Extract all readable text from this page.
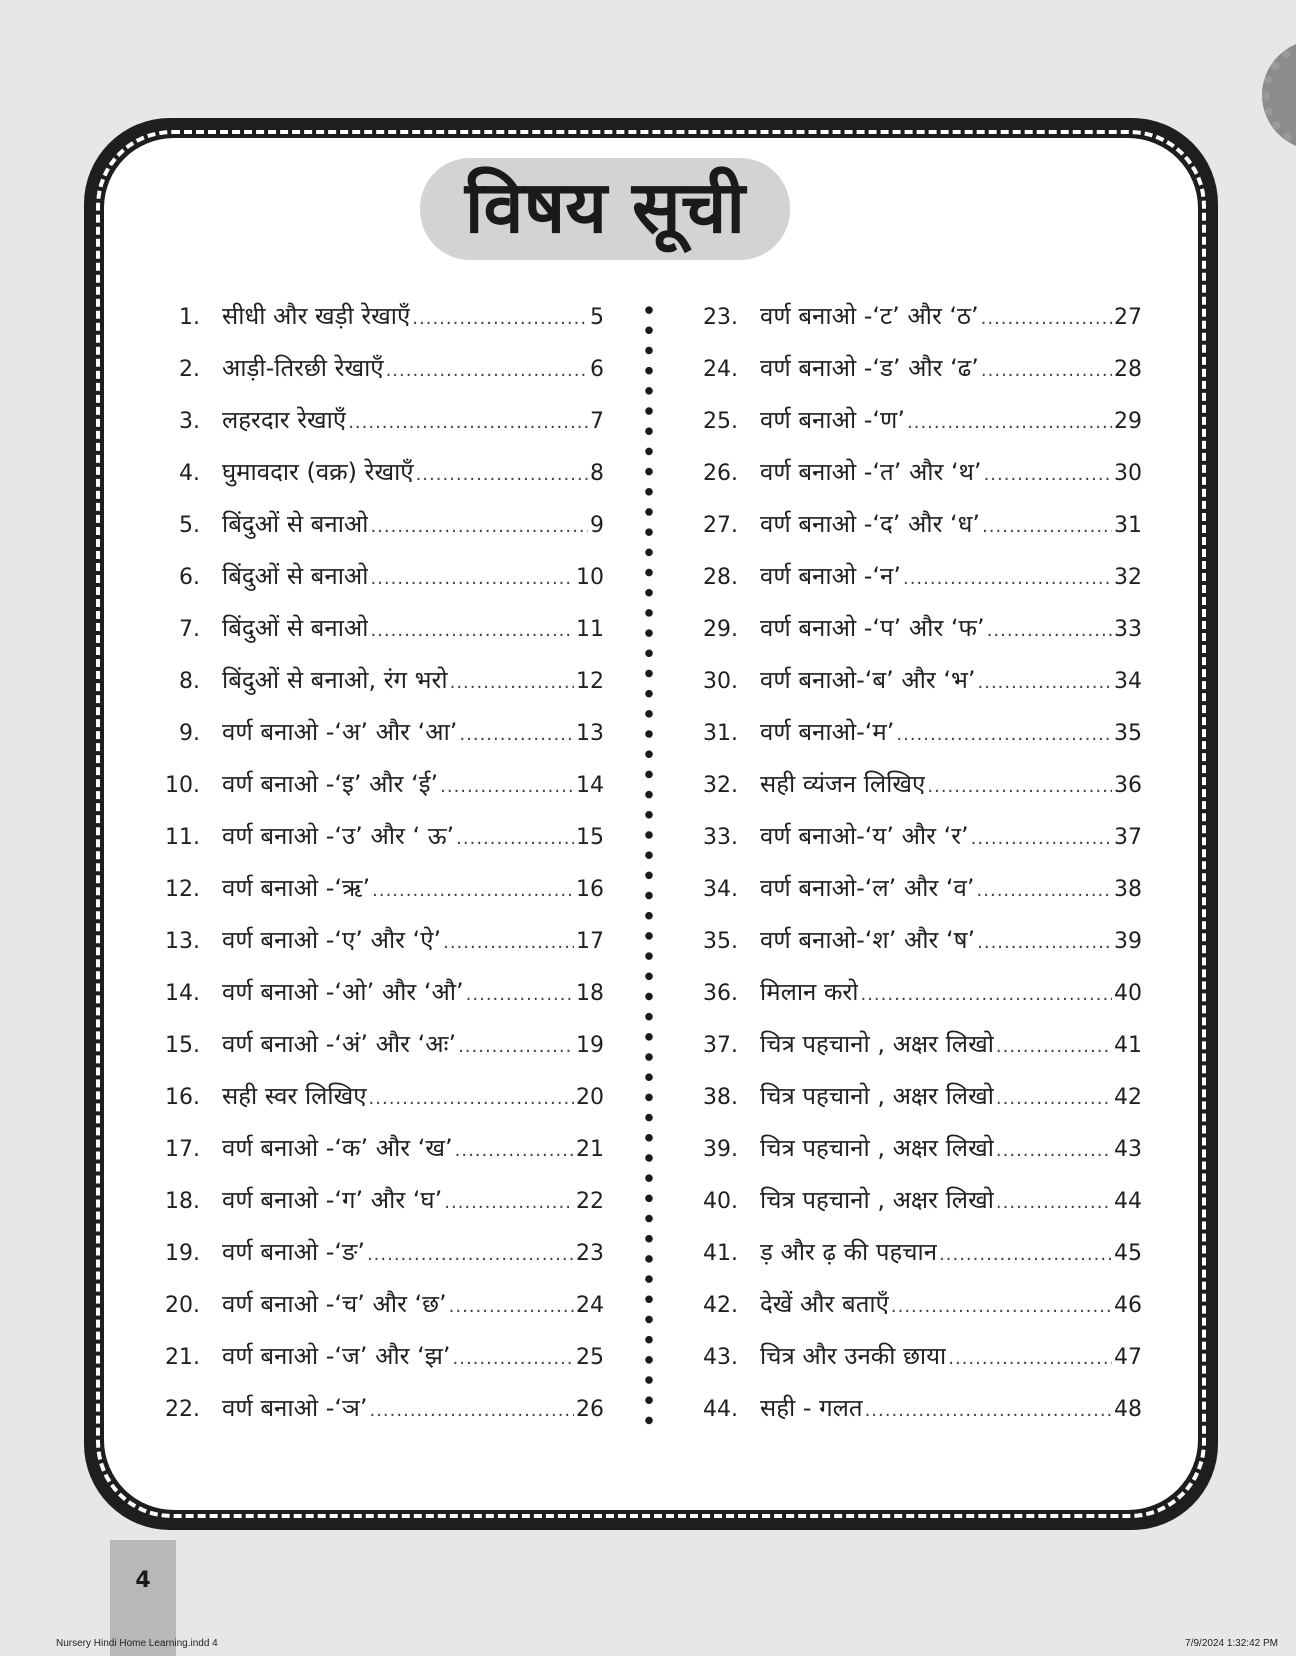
विषय सूची
1. सीधी और खड़ी रेखाएँ .....	5
2. आड़ी-तिरछी रेखाएँ .....	6
3. लहरदार रेखाएँ .....	7
4. घुमावदार (वक्र) रेखाएँ .....	8
5. बिंदुओं से बनाओ .....	9
6. बिंदुओं से बनाओ .....	10
7. बिंदुओं से बनाओ .....	11
8. बिंदुओं से बनाओ, रंग भरो .....	12
9. वर्ण बनाओ -‘अ’ और ‘आ’ .....	13
10. वर्ण बनाओ -‘इ’ और ‘ई’ .....	14
11. वर्ण बनाओ -‘उ’ और ‘ ऊ’ .....	15
12. वर्ण बनाओ -‘ऋ’ .....	16
13. वर्ण बनाओ -‘ए’ और ‘ऐ’ .....	17
14. वर्ण बनाओ -‘ओ’ और ‘औ’ .....	18
15. वर्ण बनाओ -‘अं’ और ‘अः’ .....	19
16. सही स्वर लिखिए .....	20
17. वर्ण बनाओ -‘क’ और ‘ख’ .....	21
18. वर्ण बनाओ -‘ग’ और ‘घ’ .....	22
19. वर्ण बनाओ -‘ङ’ .....	23
20. वर्ण बनाओ -‘च’ और ‘छ’ .....	24
21. वर्ण बनाओ -‘ज’ और ‘झ’ .....	25
22. वर्ण बनाओ -‘ञ’ .....	26
23. वर्ण बनाओ -‘ट’ और ‘ठ’ .....	27
24. वर्ण बनाओ -‘ड’ और ‘ढ’ .....	28
25. वर्ण बनाओ -‘ण’ .....	29
26. वर्ण बनाओ -‘त’ और ‘थ’ .....	30
27. वर्ण बनाओ -‘द’ और ‘ध’ .....	31
28. वर्ण बनाओ -‘न’ .....	32
29. वर्ण बनाओ -‘प’ और ‘फ’ .....	33
30. वर्ण बनाओ-‘ब’ और ‘भ’ .....	34
31. वर्ण बनाओ-‘म’ .....	35
32. सही व्यंजन लिखिए .....	36
33. वर्ण बनाओ-‘य’ और ‘र’ .....	37
34. वर्ण बनाओ-‘ल’ और ‘व’ .....	38
35. वर्ण बनाओ-‘श’ और ‘ष’ .....	39
36. मिलान करो .....	40
37. चित्र पहचानो , अक्षर लिखो .....	41
38. चित्र पहचानो , अक्षर लिखो .....	42
39. चित्र पहचानो , अक्षर लिखो .....	43
40. चित्र पहचानो , अक्षर लिखो .....	44
41. ड़ और ढ़ की पहचान .....	45
42. देखें और बताएँ .....	46
43. चित्र और उनकी छाया .....	47
44. सही - गलत .....	48
4
Nursery Hindi Home Learning.indd 4	7/9/2024 1:32:42 PM
